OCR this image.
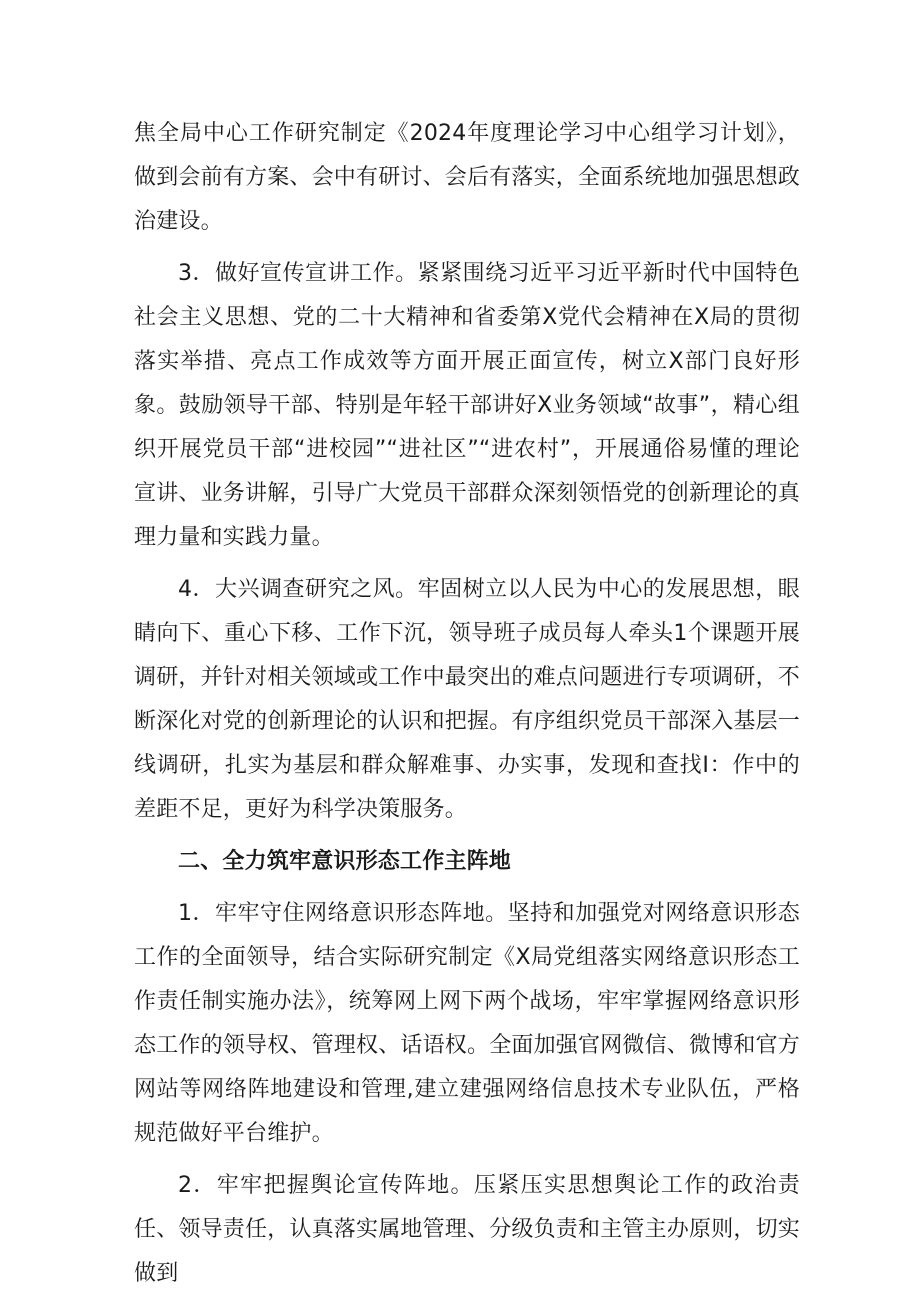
焦全局中心工作研究制定《2024年度理论学习中心组学习计划》，做到会前有方案、会中有研讨、会后有落实，全面系统地加强思想政治建设。

3．做好宣传宣讲工作。紧紧围绕习近平习近平新时代中国特色社会主义思想、党的二十大精神和省委第X党代会精神在X局的贯彻落实举措、亮点工作成效等方面开展正面宣传，树立X部门良好形象。鼓励领导干部、特别是年轻干部讲好X业务领域“故事”，精心组织开展党员干部“进校园”“进社区”“进农村”，开展通俗易懂的理论宣讲、业务讲解，引导广大党员干部群众深刻领悟党的创新理论的真理力量和实践力量。

4．大兴调查研究之风。牢固树立以人民为中心的发展思想，眼睛向下、重心下移、工作下沉，领导班子成员每人牵头1个课题开展调研，并针对相关领域或工作中最突出的难点问题进行专项调研，不断深化对党的创新理论的认识和把握。有序组织党员干部深入基层一线调研，扎实为基层和群众解难事、办实事，发现和查找I：作中的差距不足，更好为科学决策服务。

二、全力筑牢意识形态工作主阵地

1．牢牢守住网络意识形态阵地。坚持和加强党对网络意识形态工作的全面领导，结合实际研究制定《X局党组落实网络意识形态工作责任制实施办法》，统筹网上网下两个战场，牢牢掌握网络意识形态工作的领导权、管理权、话语权。全面加强官网微信、微博和官方网站等网络阵地建设和管理,建立建强网络信息技术专业队伍，严格规范做好平台维护。

2．牢牢把握舆论宣传阵地。压紧压实思想舆论工作的政治责任、领导责任，认真落实属地管理、分级负责和主管主办原则，切实做到
